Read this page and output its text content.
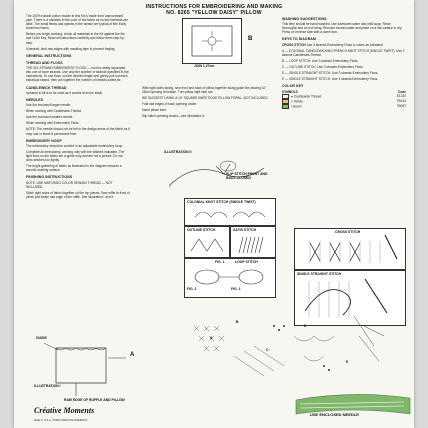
INSTRUCTIONS FOR EMBROIDERING AND MAKING
NO. 8265 "YELLOW DAISY" PILLOW

The 100% natural cotton muslin in this Kit is made from unprocessed yarn. There is a variation in the color of the fabric as no two harvests are alike. The small flecks and specks in the weave are typical of fine Early American linens.

Before you begin working, check all materials in the Kit against the list and Color Key. Read all instructions carefully and follow them step-by-step.

If desired, bind raw edges with masking tape to prevent fraying.

GENERAL INSTRUCTIONS
THREAD AND FLOSS

THE SIX-STRAND EMBROIDERY FLOSS — in kit is neatly separated into one of more strands. Use only the number of strands specified in the instructions. To use floss, cut the desired length and gently pull out each individual strand, then put together the number of strands called for.

CANDLEWICK THREAD

included in kit is to be used as it comes from the skein.

NEEDLES

Use the enclosed larger needle.

When working with Candlewick Thread.

Use the enclosed smaller needle.

When working with Embroidery Floss.

NOTE: The needle should not be left in the design areas of the fabric as it may rust or leave a permanent hole.

EMBROIDERY HOOP

The embroidery should be worked in an adjustable embroidery hoop.

Complete all embroidery, working only with the stitches indicated. The light lines on the fabric are a guide only and are not a picture. Do not work stitches too tightly.

The bright gathering of fabric as illustrated in the diagram ensures a smooth working surface.

FINISHING INSTRUCTIONS

NOTE: USE MATCHING COLOR SEWING THREAD — NOT INCLUDED.

Stitch right sides of fabric together on the top pieces. Sew ruffle to front of pillow just inside raw edge of the ruffle. See Illustration I and II.

GUIDE
A
RAW EDGE OF RUFFLE AND PILLOW
ILLUSTRATION I
Créative Moments
Made in U.S.A. ©1983 CREATIVE MOMENTS
B
JOIN 1.27cm

With right sides facing, sew front and back of pillow together along guide line leaving 10" 25cm opening at bottom. Turn pillow right side out.

WE SUGGEST USING A 14" SQUARE KNIFE EDGE PILLOW FORM—NOT INCLUDED.

Fold raw edges of back opening under.

Insert pillow form.

Slip stitch opening closed—see Illustration II.

ILLUSTRATION II
SLIP STITCH FRONT AND BACK CLOSED
COLONIAL KNOT STITCH (SINGLE TWIST)
OUTLINE STITCH	SATIN STITCH
FIG. 1	LOOP STITCH
FIG. 2	FIG. 3
WASHING SUGGESTIONS

This item should be hand washed. Use lukewarm water and mild soap. Rinse thoroughly and do not wring. Remove excess water and place on a flat surface to dry. Press on reverse side with a warm iron.

KEYS TO DIAGRAM

CROSS STITCH Use 3 strands Embroidery Floss in colors as indicated.

A — COLONIAL CANDLEWICKING FRENCH KNOT STITCH (SINGLE TWIST). Use 2 strands Candlewick Thread.

B — LOOP STITCH. Use 3 strands Embroidery Floss.

C — OUTLINE STITCH. Use 3 strands Embroidery Floss.

D — SINGLE STRAIGHT STITCH. Use 3 strands Embroidery Floss.

E — SINGLE STRAIGHT STITCH. Use 3 strands Embroidery Floss.

COLOR KEY
SYMBOLS	Code
● Candlewick Thread	E1320
× Yellow	F6143
/ Green	F6067
CROSS STITCH
SINGLE STRAIGHT STITCH
A
B
C
D
E
USE ENCLOSED NEEDLE
